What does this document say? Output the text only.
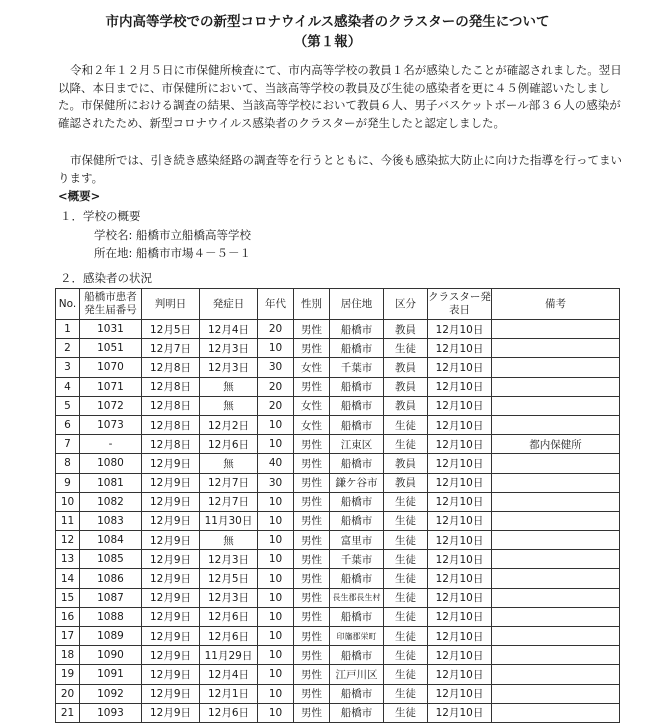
市内高等学校での新型コロナウイルス感染者のクラスターの発生について
（第１報）
令和２年１２月５日に市保健所検査にて、市内高等学校の教員１名が感染したことが確認されました。翌日以降、本日までに、市保健所において、当該高等学校の教員及び生徒の感染者を更に４５例確認いたしました。市保健所における調査の結果、当該高等学校において教員６人、男子バスケットボール部３６人の感染が確認されたため、新型コロナウイルス感染者のクラスターが発生したと認定しました。
市保健所では、引き続き感染経路の調査等を行うとともに、今後も感染拡大防止に向けた指導を行ってまいります。
<概要>
１．学校の概要
学校名: 船橋市立船橋高等学校
所在地: 船橋市市場４－５－１
２．感染者の状況
No.	船橋市患者発生届番号	判明日	発症日	年代	性別	居住地	区分	クラスター発表日	備考
1	1031	12月5日	12月4日	20	男性	船橋市	教員	12月10日	
2	1051	12月7日	12月3日	10	男性	船橋市	生徒	12月10日	
3	1070	12月8日	12月3日	30	女性	千葉市	教員	12月10日	
4	1071	12月8日	無	20	男性	船橋市	教員	12月10日	
5	1072	12月8日	無	20	女性	船橋市	教員	12月10日	
6	1073	12月8日	12月2日	10	女性	船橋市	生徒	12月10日	
7	-	12月8日	12月6日	10	男性	江東区	生徒	12月10日	都内保健所
8	1080	12月9日	無	40	男性	船橋市	教員	12月10日	
9	1081	12月9日	12月7日	30	男性	鎌ケ谷市	教員	12月10日	
10	1082	12月9日	12月7日	10	男性	船橋市	生徒	12月10日	
11	1083	12月9日	11月30日	10	男性	船橋市	生徒	12月10日	
12	1084	12月9日	無	10	男性	富里市	生徒	12月10日	
13	1085	12月9日	12月3日	10	男性	千葉市	生徒	12月10日	
14	1086	12月9日	12月5日	10	男性	船橋市	生徒	12月10日	
15	1087	12月9日	12月3日	10	男性	長生郡長生村	生徒	12月10日	
16	1088	12月9日	12月6日	10	男性	船橋市	生徒	12月10日	
17	1089	12月9日	12月6日	10	男性	印旛郡栄町	生徒	12月10日	
18	1090	12月9日	11月29日	10	男性	船橋市	生徒	12月10日	
19	1091	12月9日	12月4日	10	男性	江戸川区	生徒	12月10日	
20	1092	12月9日	12月1日	10	男性	船橋市	生徒	12月10日	
21	1093	12月9日	12月6日	10	男性	船橋市	生徒	12月10日	
